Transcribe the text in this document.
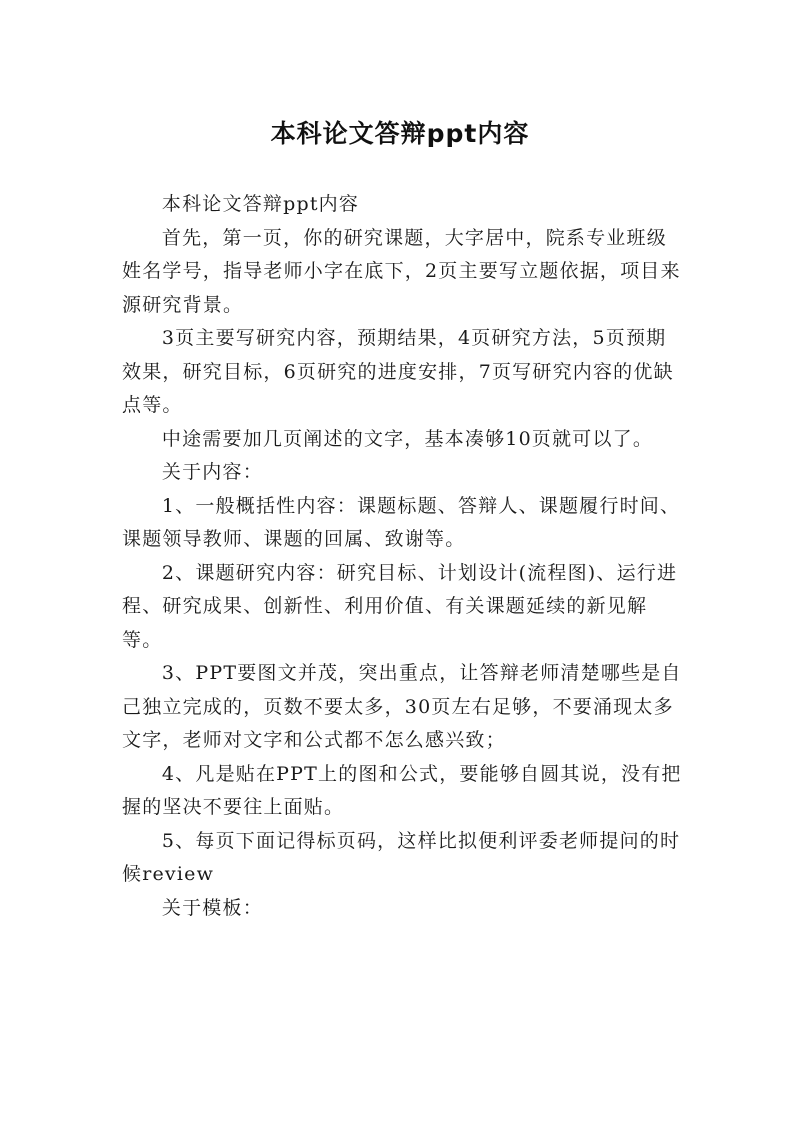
本科论文答辩ppt内容

本科论文答辩ppt内容

首先，第一页，你的研究课题，大字居中，院系专业班级姓名学号，指导老师小字在底下，2页主要写立题依据，项目来源研究背景。

3页主要写研究内容，预期结果，4页研究方法，5页预期效果，研究目标，6页研究的进度安排，7页写研究内容的优缺点等。

中途需要加几页阐述的文字，基本凑够10页就可以了。

关于内容：

1、一般概括性内容：课题标题、答辩人、课题履行时间、课题领导教师、课题的回属、致谢等。

2、课题研究内容：研究目标、计划设计(流程图)、运行进程、研究成果、创新性、利用价值、有关课题延续的新见解等。

3、PPT要图文并茂，突出重点，让答辩老师清楚哪些是自己独立完成的，页数不要太多，30页左右足够，不要涌现太多文字，老师对文字和公式都不怎么感兴致；

4、凡是贴在PPT上的图和公式，要能够自圆其说，没有把握的坚决不要往上面贴。

5、每页下面记得标页码，这样比拟便利评委老师提问的时候review

关于模板：
